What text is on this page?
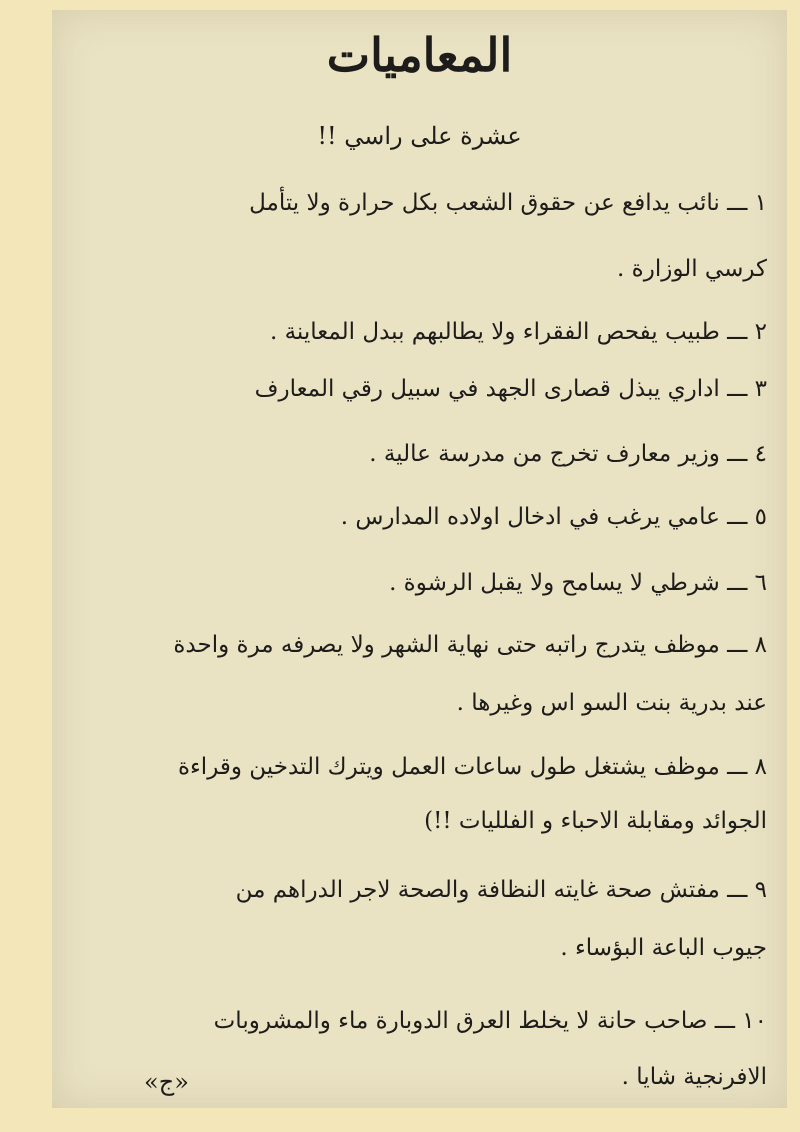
المعاميات
عشرة على راسي !!
١ ـــ نائب يدافع عن حقوق الشعب بكل حرارة ولا يتأمل
كرسي الوزارة .
٢ ـــ طبيب يفحص الفقراء ولا يطالبهم ببدل المعاينة .
٣ ـــ اداري يبذل قصارى الجهد في سبيل رقي المعارف
٤ ـــ وزير معارف تخرج من مدرسة عالية .
٥ ـــ عامي يرغب في ادخال اولاده المدارس .
٦ ـــ شرطي لا يسامح ولا يقبل الرشوة .
٨ ـــ موظف يتدرج راتبه حتى نهاية الشهر ولا يصرفه مرة واحدة
عند بدرية بنت السو اس وغيرها .
٨ ـــ موظف يشتغل طول ساعات العمل ويترك التدخين وقراءة
الجوائد ومقابلة الاحباء و الفلليات !!)
٩ ـــ مفتش صحة غايته النظافة والصحة لاجر الدراهم من
جيوب الباعة البؤساء .
١٠ ـــ صاحب حانة لا يخلط العرق الدوبارة ماء والمشروبات
الافرنجية شايا .
«ج»
